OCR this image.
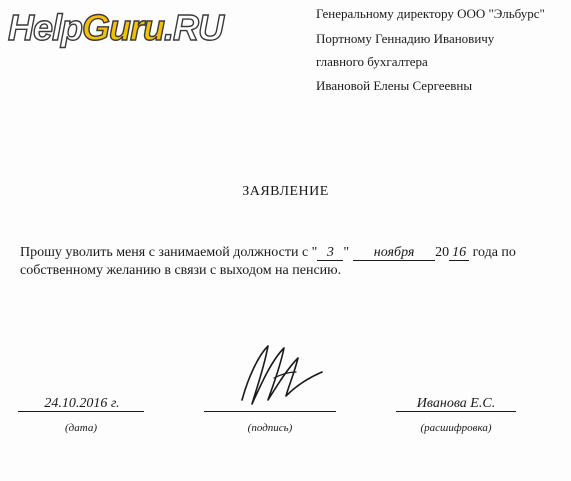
HelpGuru.RU	Генеральному директору ООО "Эльбурс"
Портному Геннадию Ивановичу
главного бухгалтера
Ивановой Елены Сергеевны
ЗАЯВЛЕНИЕ
Прошу уволить меня с занимаемой должности с " 3 " ноября 20 16 года по
собственному желанию в связи с выходом на пенсию.
24.10.2016 г.
(дата)	(подпись)
Иванова Е.С.
(расшифровка)
